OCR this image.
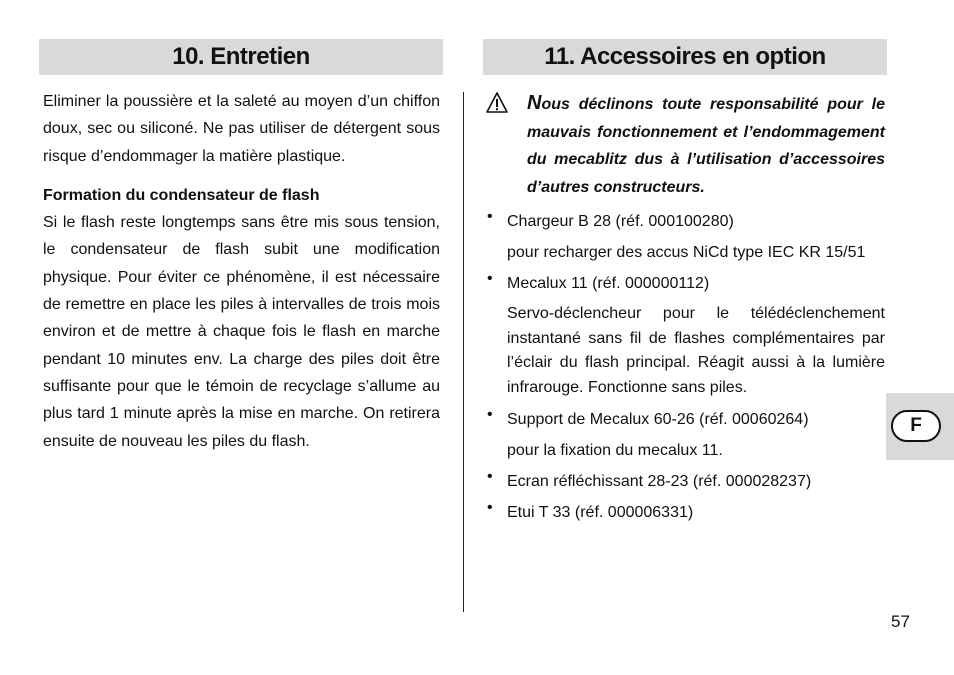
10. Entretien	11. Accessoires en option

Eliminer la poussière et la saleté au moyen d’un chiffon doux, sec ou siliconé. Ne pas utiliser de détergent sous risque d’endommager la matière plastique.

Formation du condensateur de flash

Si le flash reste longtemps sans être mis sous tension, le condensateur de flash subit une modification physique. Pour éviter ce phénomène, il est nécessaire de remettre en place les piles à intervalles de trois mois environ et de mettre à chaque fois le flash en marche pendant 10 minutes env. La charge des piles doit être suffisante pour que le témoin de recyclage s’allume au plus tard 1 minute après la mise en marche. On retirera ensuite de nouveau les piles du flash.

Nous déclinons toute responsabilité pour le mauvais fonctionnement et l’endommagement du mecablitz dus à l’utilisation d’accessoires d’autres constructeurs.
• Chargeur B 28 (réf. 000100280)
pour recharger des accus NiCd type IEC KR 15/51
• Mecalux 11 (réf. 000000112)
Servo-déclencheur pour le télédéclenchement instantané sans fil de flashes complémentaires par l’éclair du flash principal. Réagit aussi à la lumière infrarouge. Fonctionne sans piles.
• Support de Mecalux 60-26 (réf. 00060264)
pour la fixation du mecalux 11.
• Ecran réfléchissant 28-23 (réf. 000028237)
• Etui T 33 (réf. 000006331)
F
57
